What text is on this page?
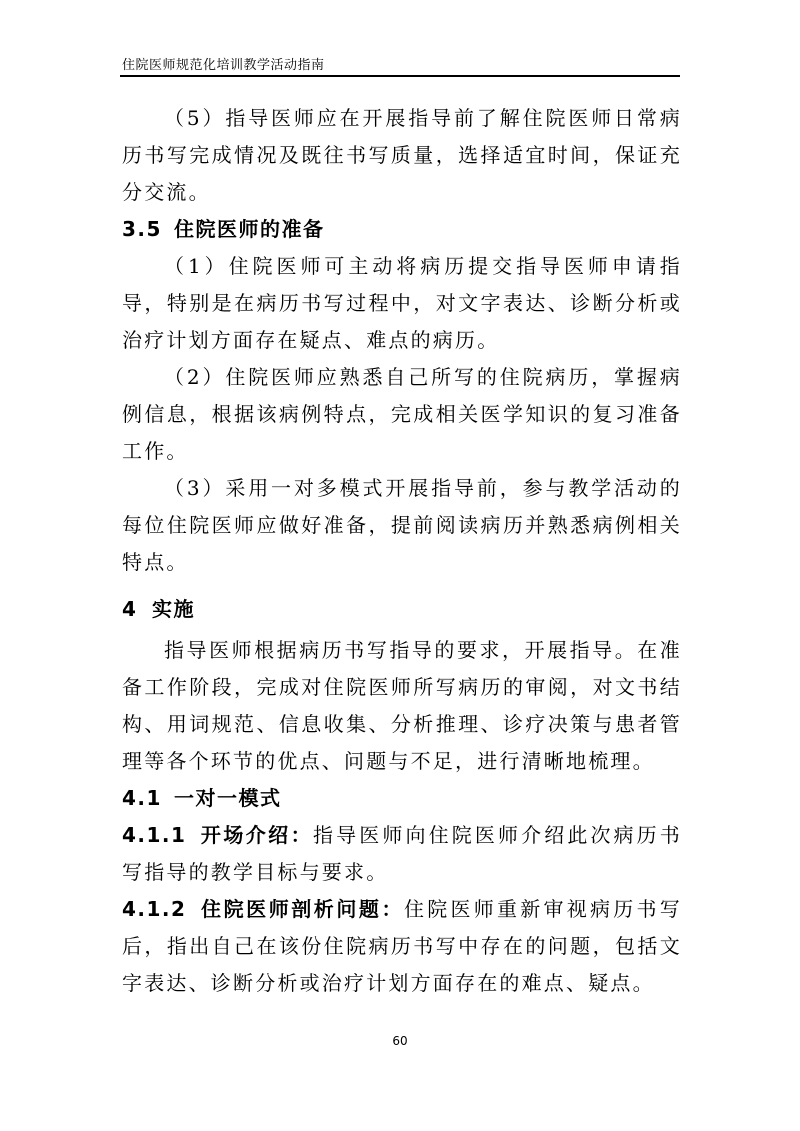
住院医师规范化培训教学活动指南

（5）指导医师应在开展指导前了解住院医师日常病历书写完成情况及既往书写质量，选择适宜时间，保证充分交流。

3.5 住院医师的准备

（1）住院医师可主动将病历提交指导医师申请指导，特别是在病历书写过程中，对文字表达、诊断分析或治疗计划方面存在疑点、难点的病历。

（2）住院医师应熟悉自己所写的住院病历，掌握病例信息，根据该病例特点，完成相关医学知识的复习准备工作。

（3）采用一对多模式开展指导前，参与教学活动的每位住院医师应做好准备，提前阅读病历并熟悉病例相关特点。

4 实施

指导医师根据病历书写指导的要求，开展指导。在准备工作阶段，完成对住院医师所写病历的审阅，对文书结构、用词规范、信息收集、分析推理、诊疗决策与患者管理等各个环节的优点、问题与不足，进行清晰地梳理。

4.1 一对一模式

4.1.1 开场介绍：指导医师向住院医师介绍此次病历书写指导的教学目标与要求。

4.1.2 住院医师剖析问题：住院医师重新审视病历书写后，指出自己在该份住院病历书写中存在的问题，包括文字表达、诊断分析或治疗计划方面存在的难点、疑点。

60
